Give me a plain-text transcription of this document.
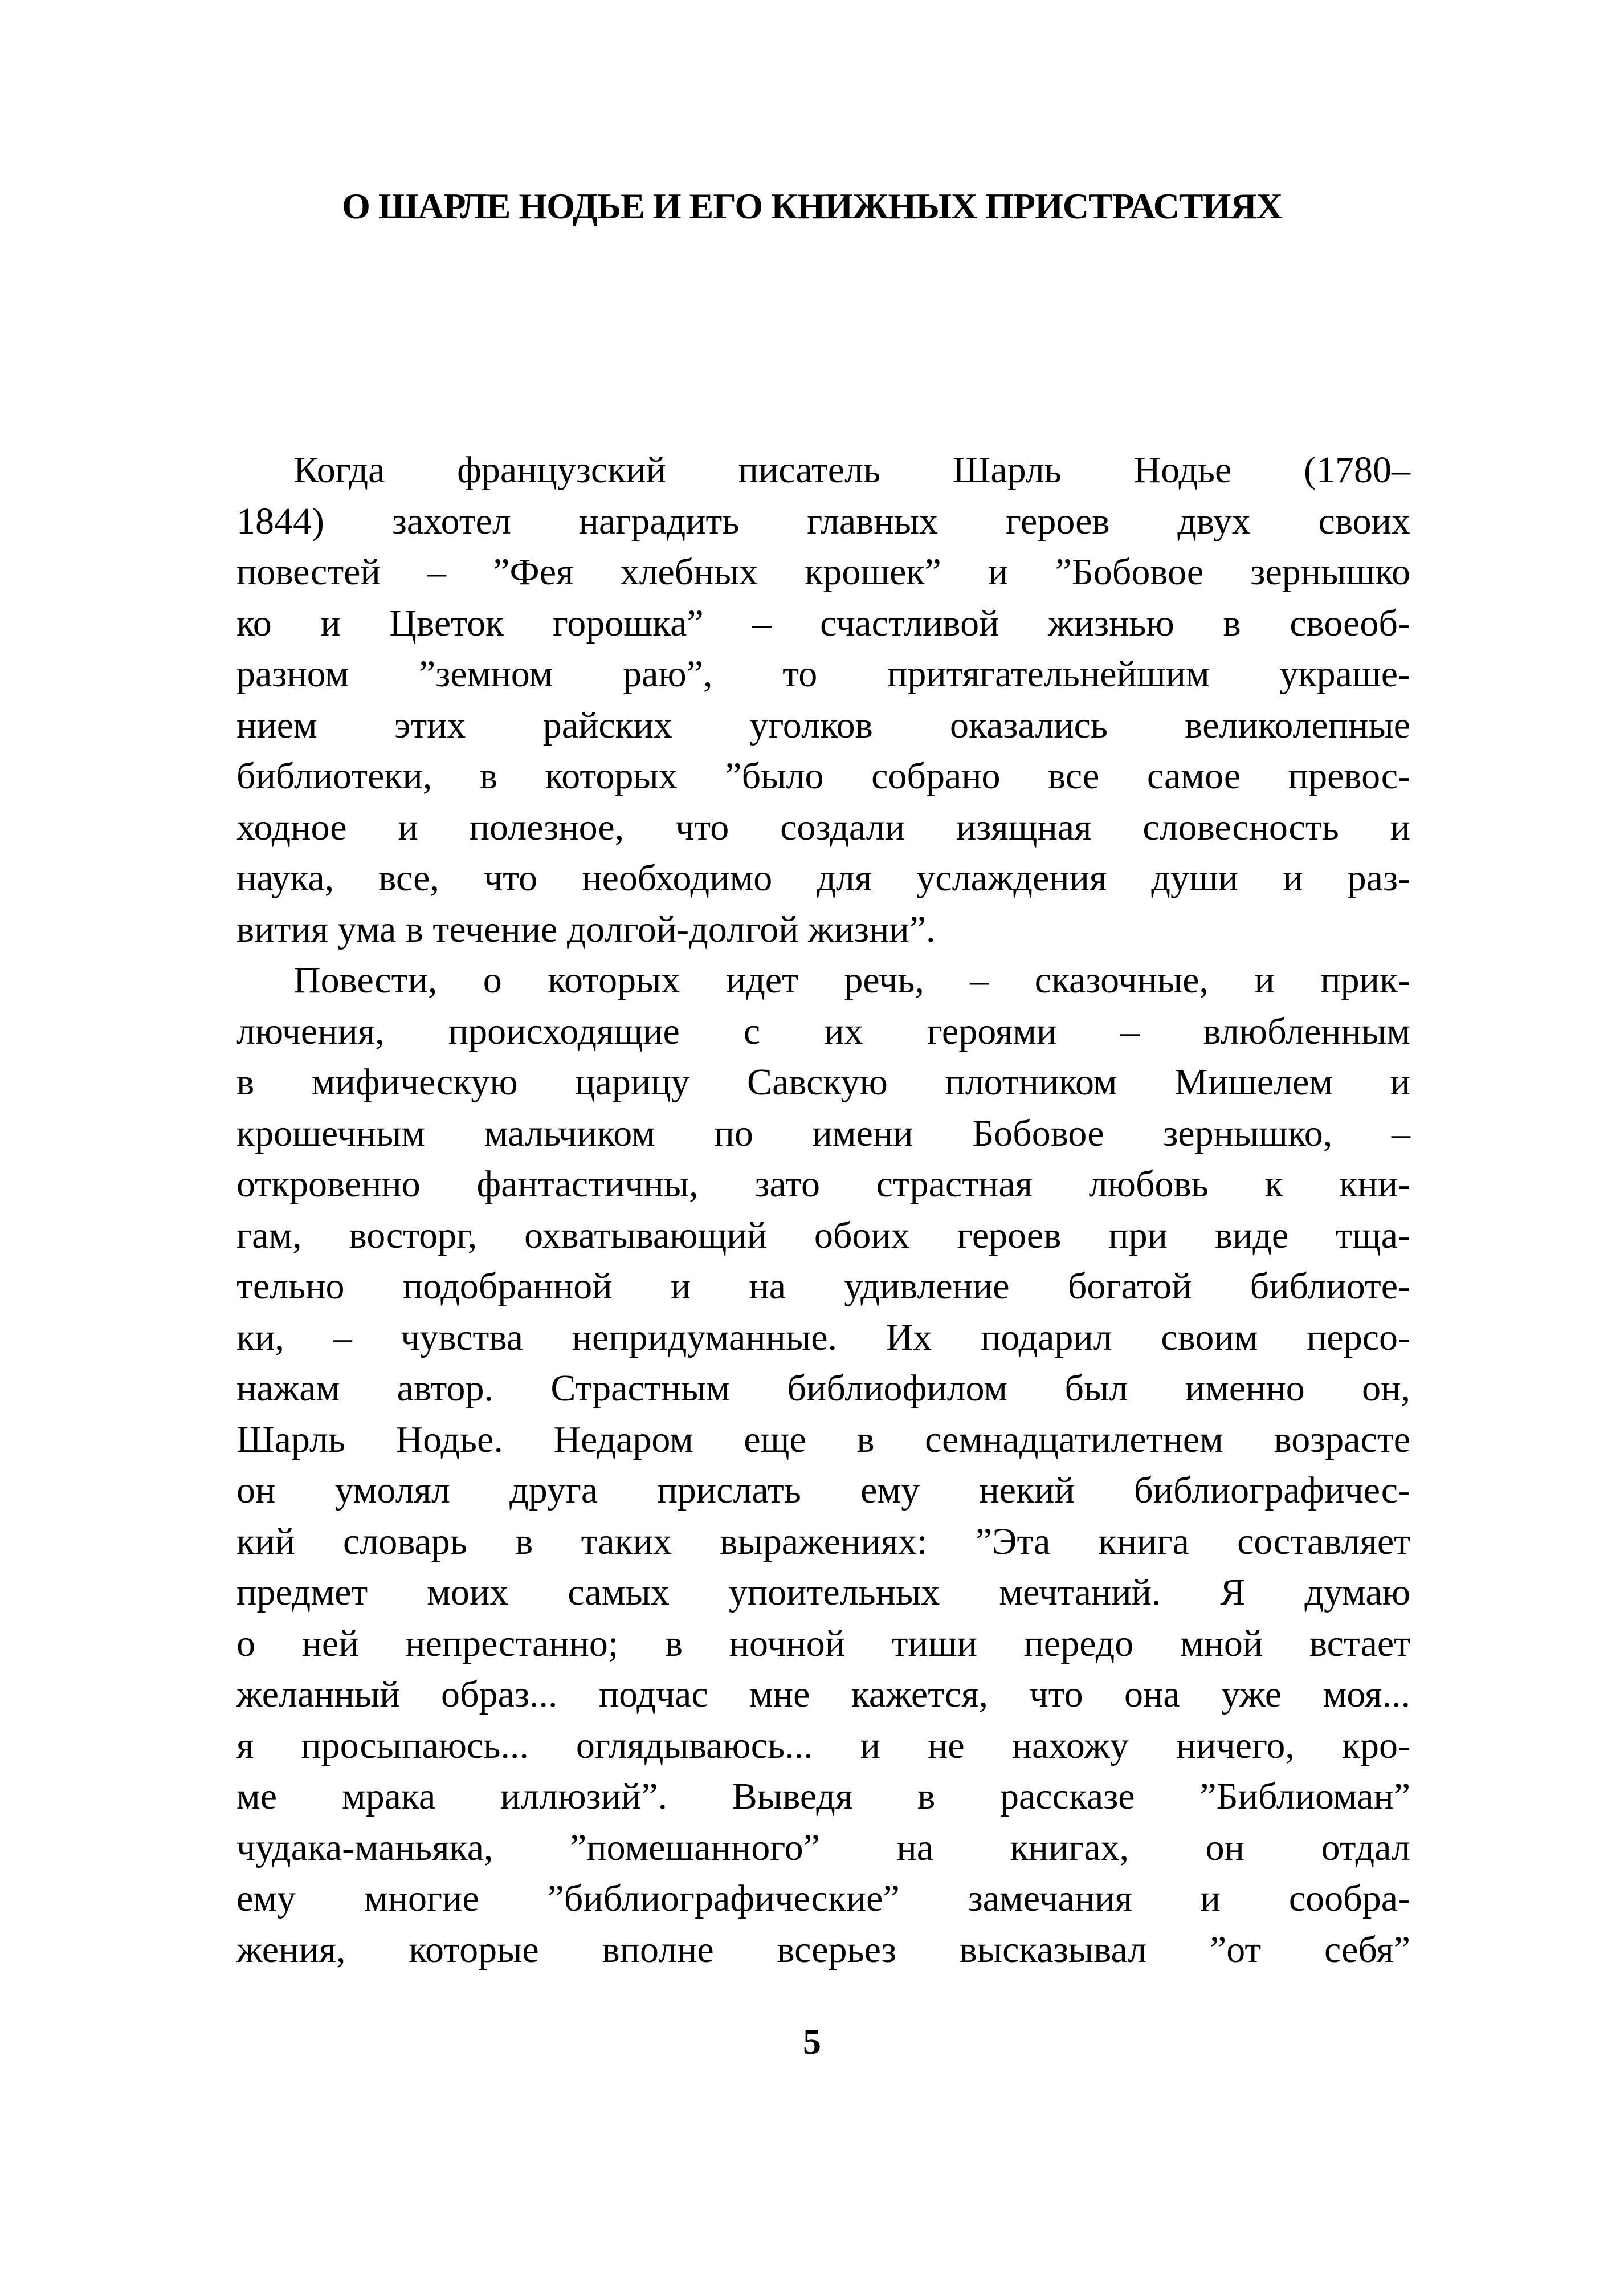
О ШАРЛЕ НОДЬЕ И ЕГО КНИЖНЫХ ПРИСТРАСТИЯХ
Когда французский писатель Шарль Нодье (1780–
1844) захотел наградить главных героев двух своих
повестей – ”Фея хлебных крошек” и ”Бобовое зернышко
ко и Цветок горошка” – счастливой жизнью в своеоб-
разном ”земном раю”, то притягательнейшим украше-
нием этих райских уголков оказались великолепные
библиотеки, в которых ”было собрано все самое превос-
ходное и полезное, что создали изящная словесность и
наука, все, что необходимо для услаждения души и раз-
вития ума в течение долгой-долгой жизни”.
Повести, о которых идет речь, – сказочные, и прик-
лючения, происходящие с их героями – влюбленным
в мифическую царицу Савскую плотником Мишелем и
крошечным мальчиком по имени Бобовое зернышко, –
откровенно фантастичны, зато страстная любовь к кни-
гам, восторг, охватывающий обоих героев при виде тща-
тельно подобранной и на удивление богатой библиоте-
ки, – чувства непридуманные. Их подарил своим персо-
нажам автор. Страстным библиофилом был именно он,
Шарль Нодье. Недаром еще в семнадцатилетнем возрасте
он умолял друга прислать ему некий библиографичес-
кий словарь в таких выражениях: ”Эта книга составляет
предмет моих самых упоительных мечтаний. Я думаю
о ней непрестанно; в ночной тиши передо мной встает
желанный образ... подчас мне кажется, что она уже моя...
я просыпаюсь... оглядываюсь... и не нахожу ничего, кро-
ме мрака иллюзий”. Выведя в рассказе ”Библиоман”
чудака-маньяка, ”помешанного” на книгах, он отдал
ему многие ”библиографические” замечания и сообра-
жения, которые вполне всерьез высказывал ”от себя”
5
